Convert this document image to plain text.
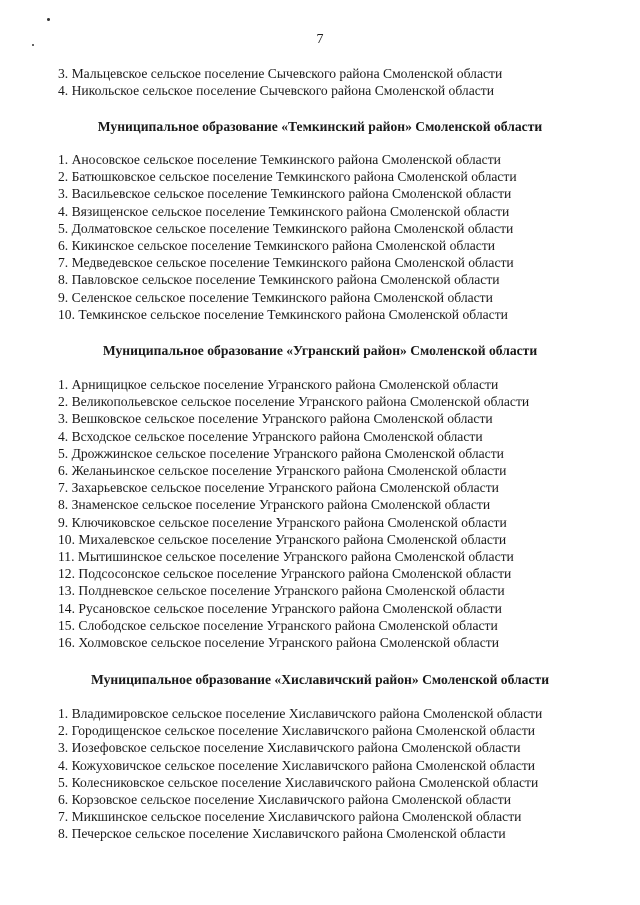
7
3. Мальцевское сельское поселение Сычевского района Смоленской области
4. Никольское сельское поселение Сычевского района Смоленской области
Муниципальное образование «Темкинский район» Смоленской области
1. Аносовское сельское поселение Темкинского района Смоленской области
2. Батюшковское сельское поселение Темкинского района Смоленской области
3. Васильевское сельское поселение Темкинского района Смоленской области
4. Вязищенское сельское поселение Темкинского района Смоленской области
5. Долматовское сельское поселение Темкинского района Смоленской области
6. Кикинское сельское поселение Темкинского района Смоленской области
7. Медведевское сельское поселение Темкинского района Смоленской области
8. Павловское сельское поселение Темкинского района Смоленской области
9. Селенское сельское поселение Темкинского района Смоленской области
10. Темкинское сельское поселение Темкинского района Смоленской области
Муниципальное образование «Угранский район» Смоленской области
1. Арнищицкое сельское поселение Угранского района Смоленской области
2. Великопольевское сельское поселение Угранского района Смоленской области
3. Вешковское сельское поселение Угранского района Смоленской области
4. Всходское сельское поселение Угранского района Смоленской области
5. Дрожжинское сельское поселение Угранского района Смоленской области
6. Желаньинское сельское поселение Угранского района Смоленской области
7. Захарьевское сельское поселение Угранского района Смоленской области
8. Знаменское сельское поселение Угранского района Смоленской области
9. Ключиковское сельское поселение Угранского района Смоленской области
10. Михалевское сельское поселение Угранского района Смоленской области
11. Мытишинское сельское поселение Угранского района Смоленской области
12. Подсосонское сельское поселение Угранского района Смоленской области
13. Полдневское сельское поселение Угранского района Смоленской области
14. Русановское сельское поселение Угранского района Смоленской области
15. Слободское сельское поселение Угранского района Смоленской области
16. Холмовское сельское поселение Угранского района Смоленской области
Муниципальное образование «Хиславичский район» Смоленской области
1. Владимировское сельское поселение Хиславичского района Смоленской области
2. Городищенское сельское поселение Хиславичского района Смоленской области
3. Иозефовское сельское поселение Хиславичского района Смоленской области
4. Кожуховичское сельское поселение Хиславичского района Смоленской области
5. Колесниковское сельское поселение Хиславичского района Смоленской области
6. Корзовское сельское поселение Хиславичского района Смоленской области
7. Микшинское сельское поселение Хиславичского района Смоленской области
8. Печерское сельское поселение Хиславичского района Смоленской области
